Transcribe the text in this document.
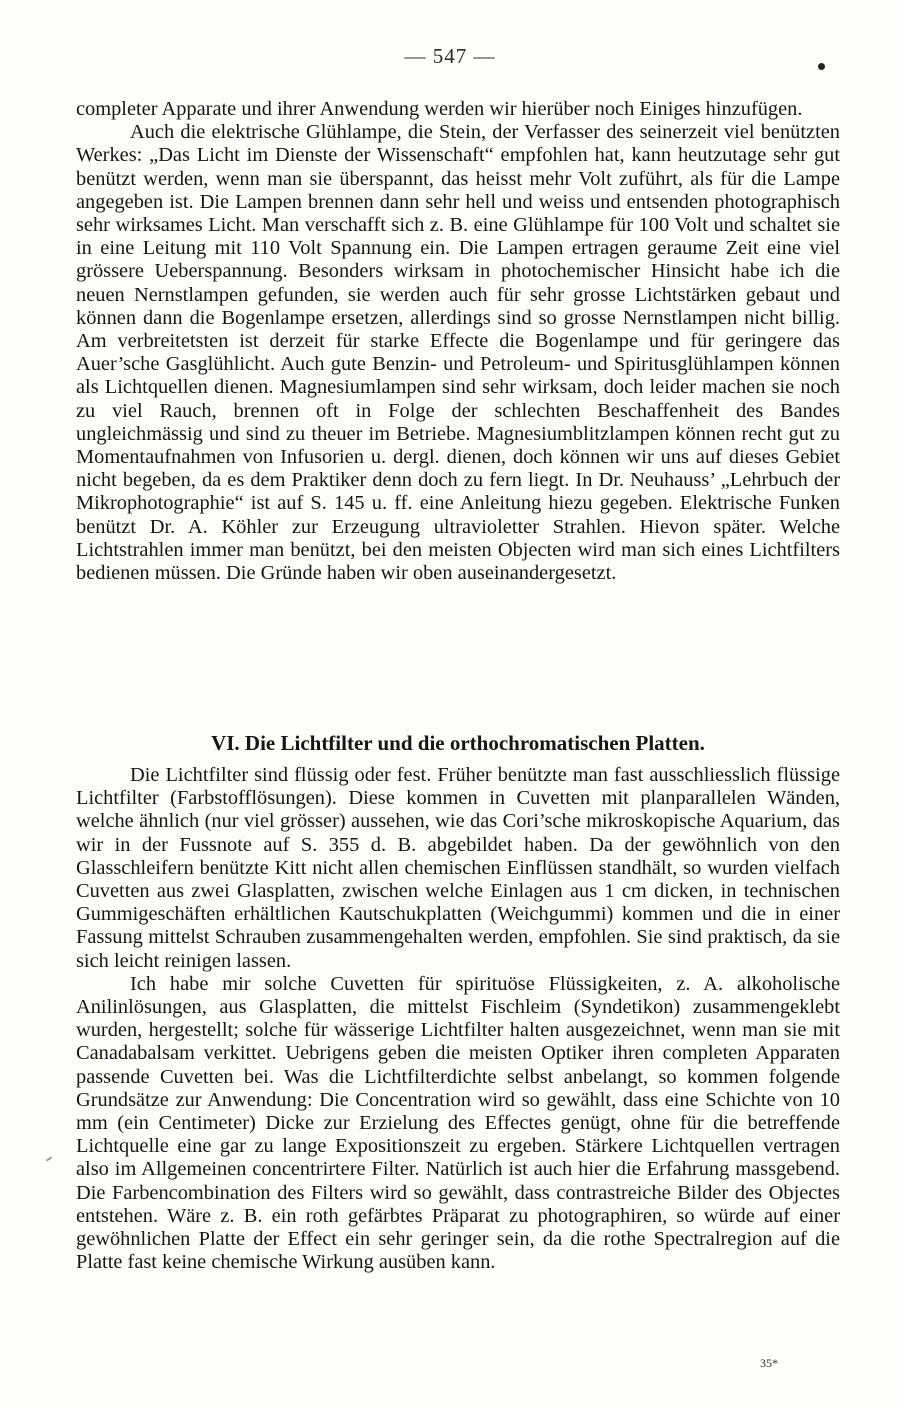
— 547 —

completer Apparate und ihrer Anwendung werden wir hierüber noch Einiges hinzufügen.

Auch die elektrische Glühlampe, die Stein, der Verfasser des seinerzeit viel benützten Werkes: „Das Licht im Dienste der Wissenschaft“ empfohlen hat, kann heutzutage sehr gut benützt werden, wenn man sie überspannt, das heisst mehr Volt zuführt, als für die Lampe angegeben ist. Die Lampen brennen dann sehr hell und weiss und entsenden photographisch sehr wirksames Licht. Man verschafft sich z. B. eine Glühlampe für 100 Volt und schaltet sie in eine Leitung mit 110 Volt Spannung ein. Die Lampen ertragen geraume Zeit eine viel grössere Ueberspannung. Besonders wirksam in photochemischer Hinsicht habe ich die neuen Nernstlampen gefunden, sie werden auch für sehr grosse Lichtstärken gebaut und können dann die Bogenlampe ersetzen, allerdings sind so grosse Nernstlampen nicht billig. Am verbreitetsten ist derzeit für starke Effecte die Bogenlampe und für geringere das Auer’sche Gasglühlicht. Auch gute Benzin- und Petroleum- und Spiritusglühlampen können als Lichtquellen dienen. Magnesiumlampen sind sehr wirksam, doch leider machen sie noch zu viel Rauch, brennen oft in Folge der schlechten Beschaffenheit des Bandes ungleichmässig und sind zu theuer im Betriebe. Magnesiumblitzlampen können recht gut zu Momentaufnahmen von Infusorien u. dergl. dienen, doch können wir uns auf dieses Gebiet nicht begeben, da es dem Praktiker denn doch zu fern liegt. In Dr. Neuhauss’ „Lehrbuch der Mikrophotographie“ ist auf S. 145 u. ff. eine Anleitung hiezu gegeben. Elektrische Funken benützt Dr. A. Köhler zur Erzeugung ultravioletter Strahlen. Hievon später. Welche Lichtstrahlen immer man benützt, bei den meisten Objecten wird man sich eines Lichtfilters bedienen müssen. Die Gründe haben wir oben auseinandergesetzt.

VI. Die Lichtfilter und die orthochromatischen Platten.

Die Lichtfilter sind flüssig oder fest. Früher benützte man fast ausschliesslich flüssige Lichtfilter (Farbstofflösungen). Diese kommen in Cuvetten mit planparallelen Wänden, welche ähnlich (nur viel grösser) aussehen, wie das Cori’sche mikroskopische Aquarium, das wir in der Fussnote auf S. 355 d. B. abgebildet haben. Da der gewöhnlich von den Glasschleifern benützte Kitt nicht allen chemischen Einflüssen standhält, so wurden vielfach Cuvetten aus zwei Glasplatten, zwischen welche Einlagen aus 1 cm dicken, in technischen Gummigeschäften erhältlichen Kautschukplatten (Weichgummi) kommen und die in einer Fassung mittelst Schrauben zusammengehalten werden, empfohlen. Sie sind praktisch, da sie sich leicht reinigen lassen.

Ich habe mir solche Cuvetten für spirituöse Flüssigkeiten, z. A. alkoholische Anilinlösungen, aus Glasplatten, die mittelst Fischleim (Syndetikon) zusammengeklebt wurden, hergestellt; solche für wässerige Lichtfilter halten ausgezeichnet, wenn man sie mit Canadabalsam verkittet. Uebrigens geben die meisten Optiker ihren completen Apparaten passende Cuvetten bei. Was die Lichtfilterdichte selbst anbelangt, so kommen folgende Grundsätze zur Anwendung: Die Concentration wird so gewählt, dass eine Schichte von 10 mm (ein Centimeter) Dicke zur Erzielung des Effectes genügt, ohne für die betreffende Lichtquelle eine gar zu lange Expositionszeit zu ergeben. Stärkere Lichtquellen vertragen also im Allgemeinen concentrirtere Filter. Natürlich ist auch hier die Erfahrung massgebend. Die Farbencombination des Filters wird so gewählt, dass contrastreiche Bilder des Objectes entstehen. Wäre z. B. ein roth gefärbtes Präparat zu photographiren, so würde auf einer gewöhnlichen Platte der Effect ein sehr geringer sein, da die rothe Spectralregion auf die Platte fast keine chemische Wirkung ausüben kann.

35*
